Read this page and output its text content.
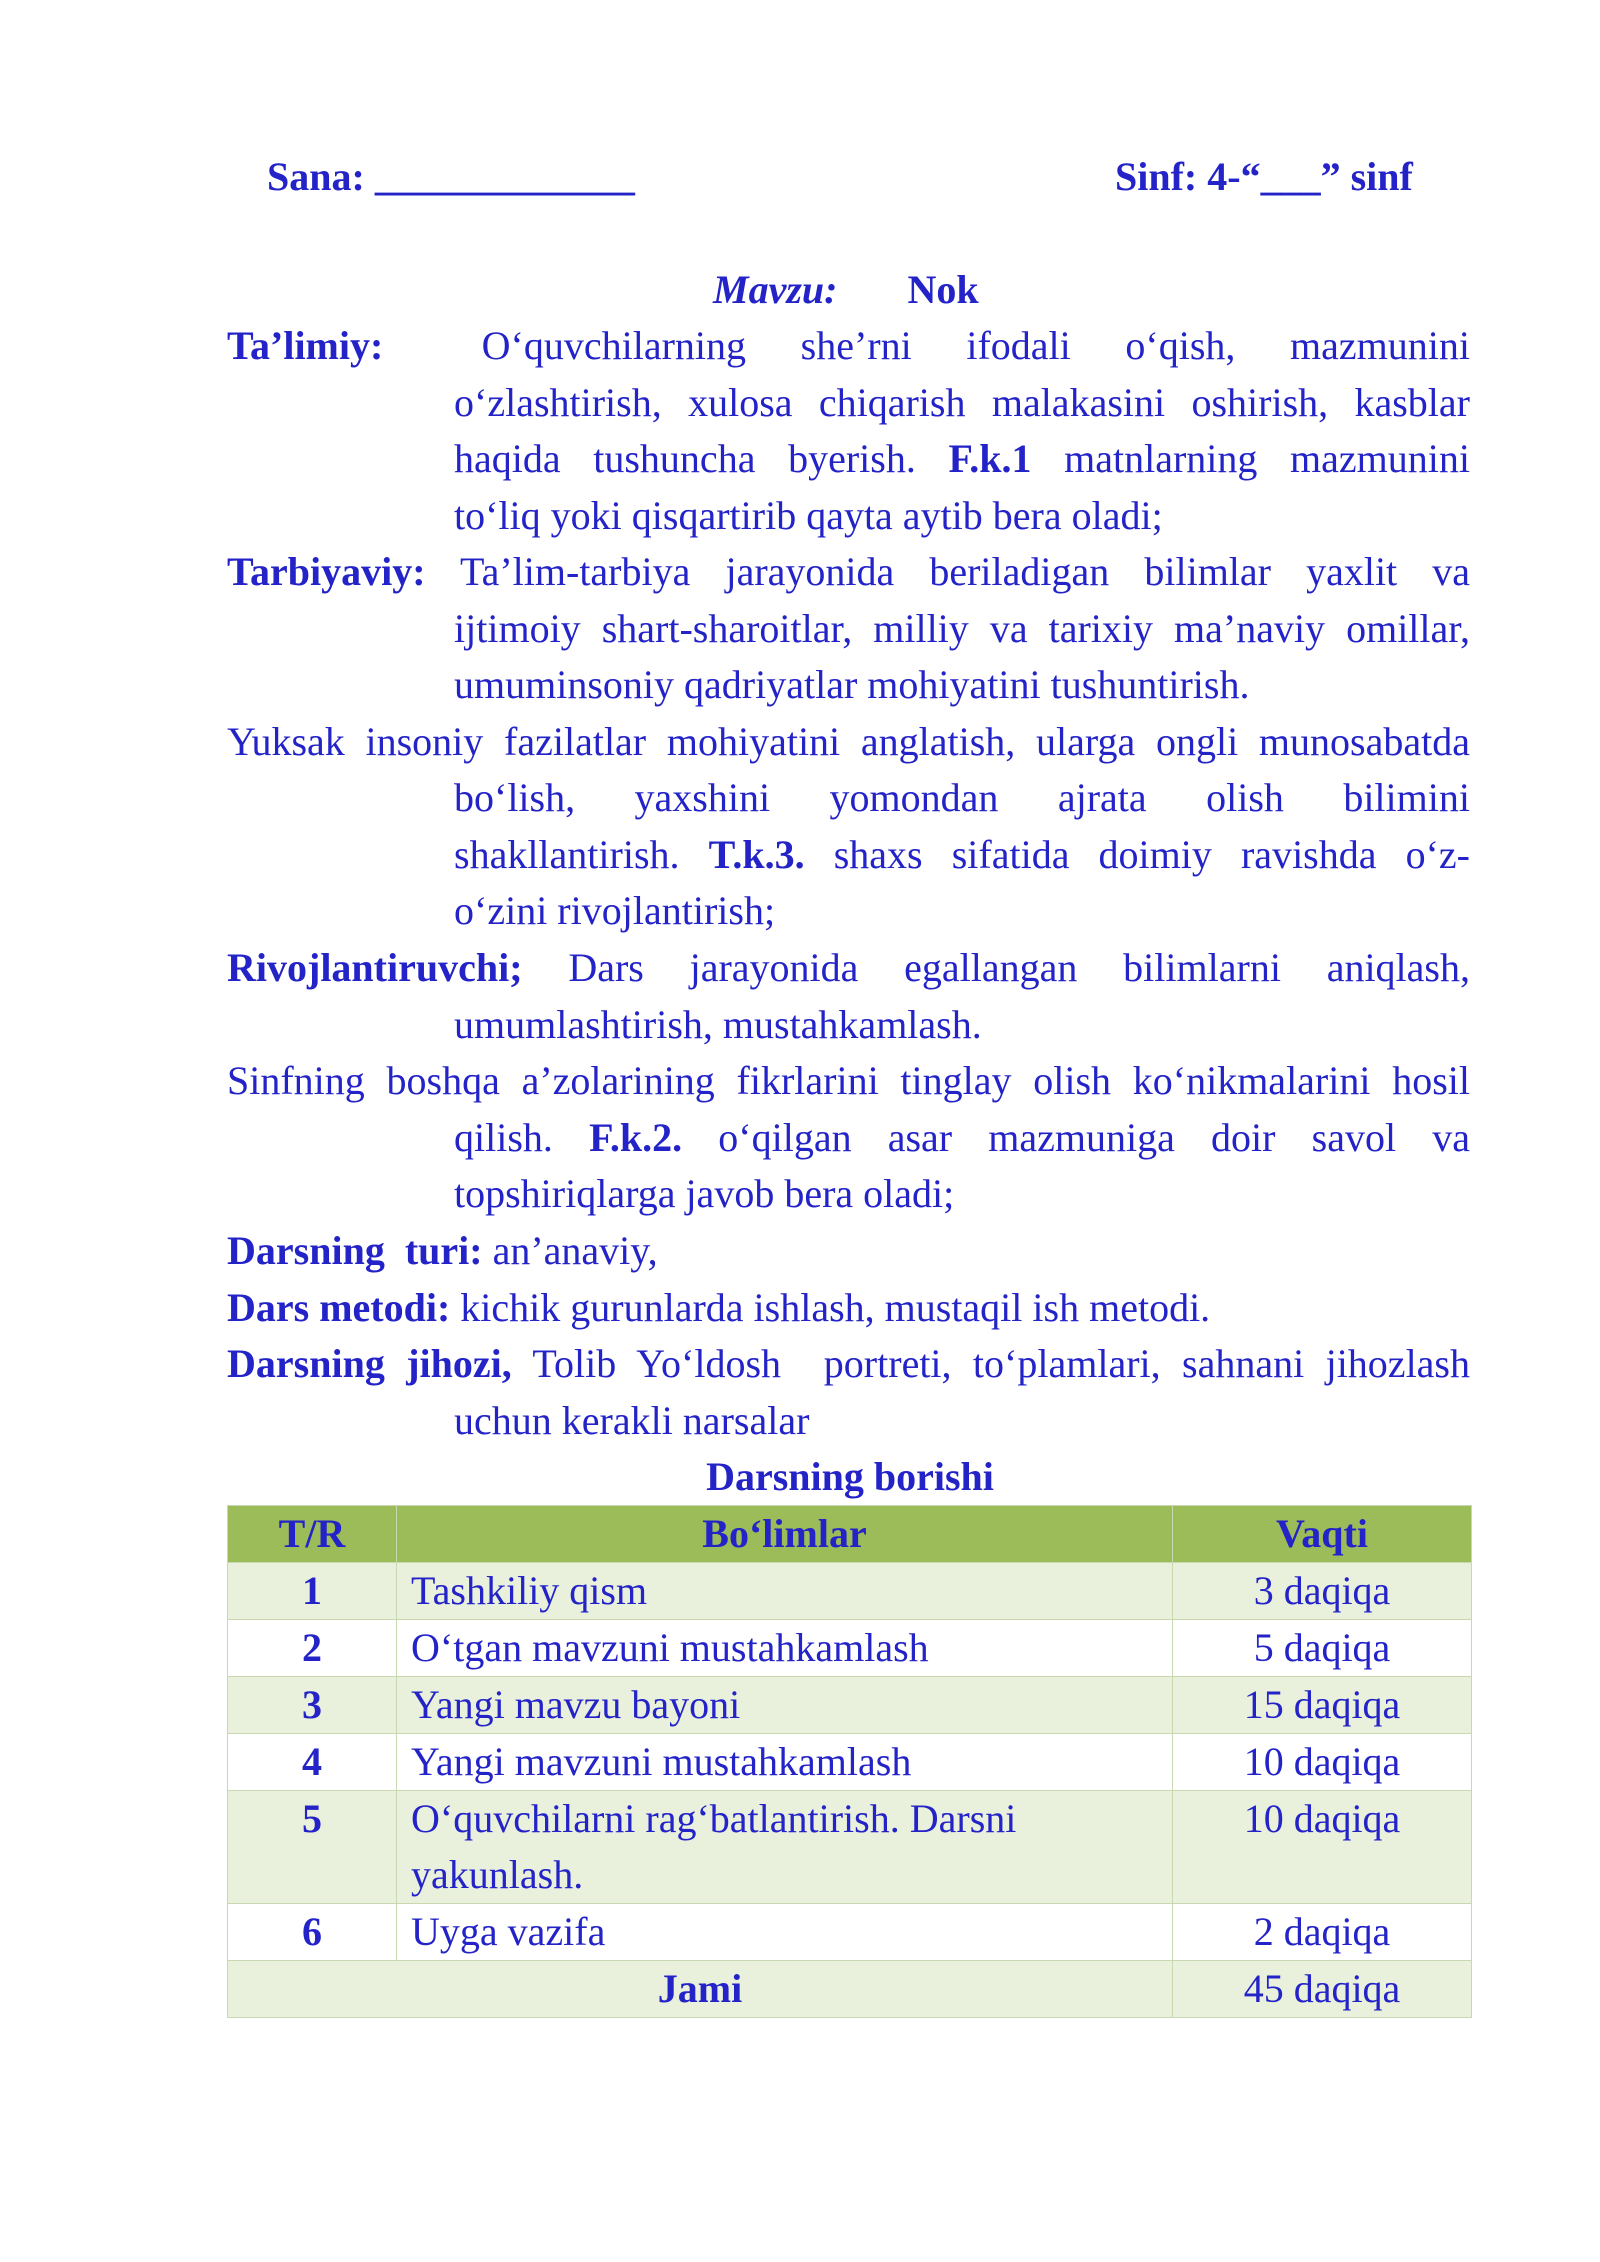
Sana: _____________	Sinf: 4-“___” sinf
Mavzu: Nok
Ta’limiy: O‘quvchilarning she’rni ifodali o‘qish, mazmunini
o‘zlashtirish, xulosa chiqarish malakasini oshirish, kasblar
haqida tushuncha byerish. F.k.1 matnlarning mazmunini
to‘liq yoki qisqartirib qayta aytib bera oladi;
Tarbiyaviy: Ta’lim-tarbiya jarayonida beriladigan bilimlar yaxlit va
ijtimoiy shart-sharoitlar, milliy va tarixiy ma’naviy omillar,
umuminsoniy qadriyatlar mohiyatini tushuntirish.
Yuksak insoniy fazilatlar mohiyatini anglatish, ularga ongli munosabatda
bo‘lish, yaxshini yomondan ajrata olish bilimini
shakllantirish. T.k.3. shaxs sifatida doimiy ravishda o‘z-
o‘zini rivojlantirish;
Rivojlantiruvchi; Dars jarayonida egallangan bilimlarni aniqlash,
umumlashtirish, mustahkamlash.
Sinfning boshqa a’zolarining fikrlarini tinglay olish ko‘nikmalarini hosil
qilish. F.k.2. o‘qilgan asar mazmuniga doir savol va
topshiriqlarga javob bera oladi;
Darsning  turi: an’anaviy,
Dars metodi: kichik gurunlarda ishlash, mustaqil ish metodi.
Darsning jihozi, Tolib Yo‘ldosh  portreti, to‘plamlari, sahnani jihozlash
uchun kerakli narsalar
Darsning borishi
T/R	Bo‘limlar	Vaqti
1	Tashkiliy qism	3 daqiqa
2	O‘tgan mavzuni mustahkamlash	5 daqiqa
3	Yangi mavzu bayoni	15 daqiqa
4	Yangi mavzuni mustahkamlash	10 daqiqa
5	O‘quvchilarni rag‘batlantirish. Darsni yakunlash.	10 daqiqa
6	Uyga vazifa	2 daqiqa
Jami		45 daqiqa
